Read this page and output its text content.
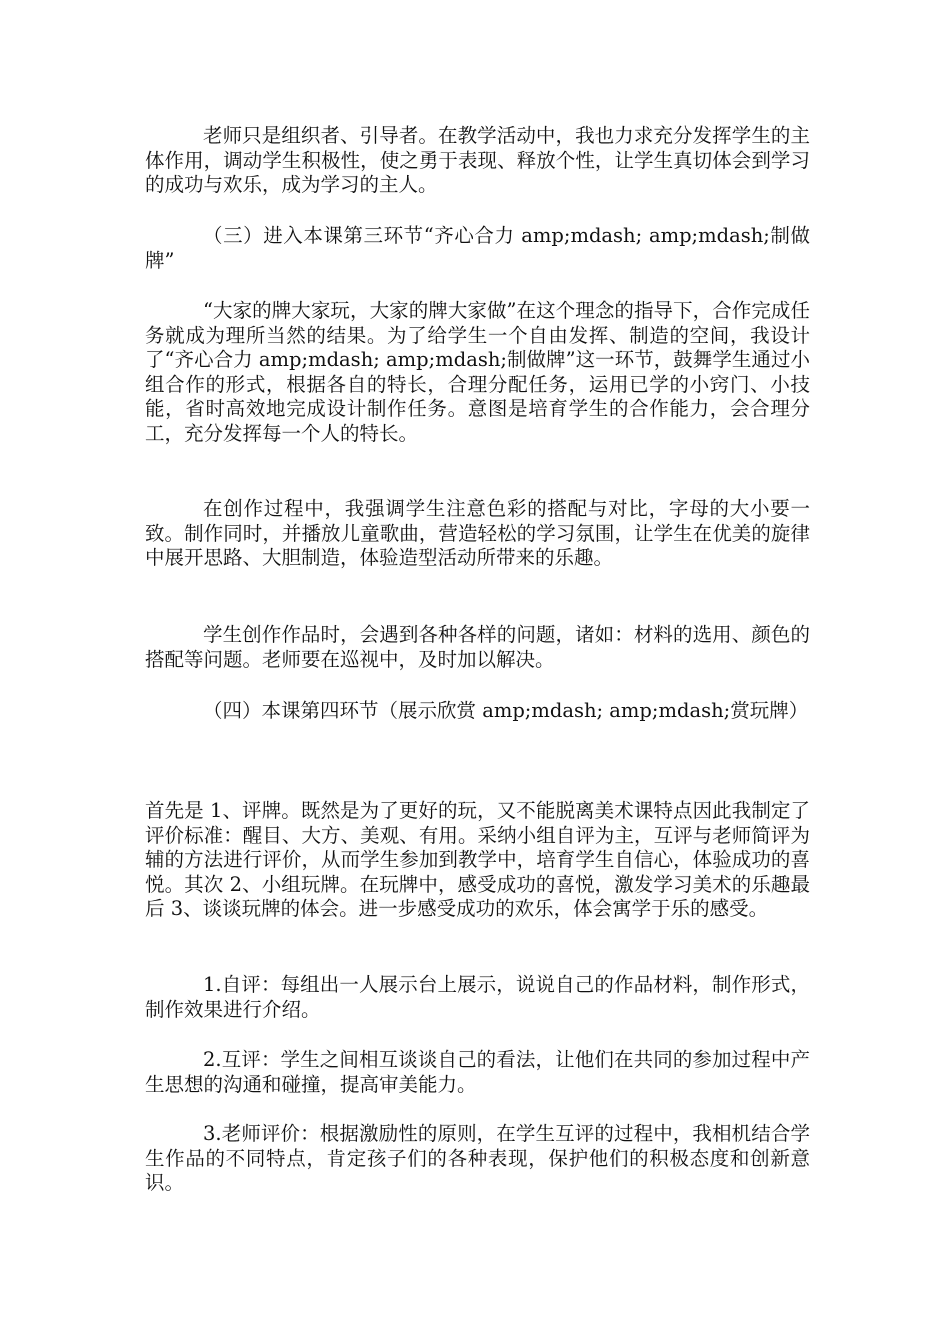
老师只是组织者、引导者。在教学活动中，我也力求充分发挥学生的主体作用，调动学生积极性，使之勇于表现、释放个性，让学生真切体会到学习的成功与欢乐，成为学习的主人。

（三）进入本课第三环节“齐心合力 amp;mdash; amp;mdash;制做牌”

“大家的牌大家玩，大家的牌大家做”在这个理念的指导下，合作完成任务就成为理所当然的结果。为了给学生一个自由发挥、制造的空间，我设计了“齐心合力 amp;mdash; amp;mdash;制做牌”这一环节，鼓舞学生通过小组合作的形式，根据各自的特长，合理分配任务，运用已学的小窍门、小技能，省时高效地完成设计制作任务。意图是培育学生的合作能力，会合理分工，充分发挥每一个人的特长。

在创作过程中，我强调学生注意色彩的搭配与对比，字母的大小要一致。制作同时，并播放儿童歌曲，营造轻松的学习氛围，让学生在优美的旋律中展开思路、大胆制造，体验造型活动所带来的乐趣。

学生创作作品时，会遇到各种各样的问题，诸如：材料的选用、颜色的搭配等问题。老师要在巡视中，及时加以解决。

（四）本课第四环节（展示欣赏 amp;mdash; amp;mdash;赏玩牌）

首先是 1、评牌。既然是为了更好的玩，又不能脱离美术课特点因此我制定了评价标准：醒目、大方、美观、有用。采纳小组自评为主，互评与老师简评为辅的方法进行评价，从而学生参加到教学中，培育学生自信心，体验成功的喜悦。其次 2、小组玩牌。在玩牌中，感受成功的喜悦，激发学习美术的乐趣最后 3、谈谈玩牌的体会。进一步感受成功的欢乐，体会寓学于乐的感受。

1.自评：每组出一人展示台上展示，说说自己的作品材料，制作形式，制作效果进行介绍。

2.互评：学生之间相互谈谈自己的看法，让他们在共同的参加过程中产生思想的沟通和碰撞，提高审美能力。

3.老师评价：根据激励性的原则，在学生互评的过程中，我相机结合学生作品的不同特点，肯定孩子们的各种表现，保护他们的积极态度和创新意识。
